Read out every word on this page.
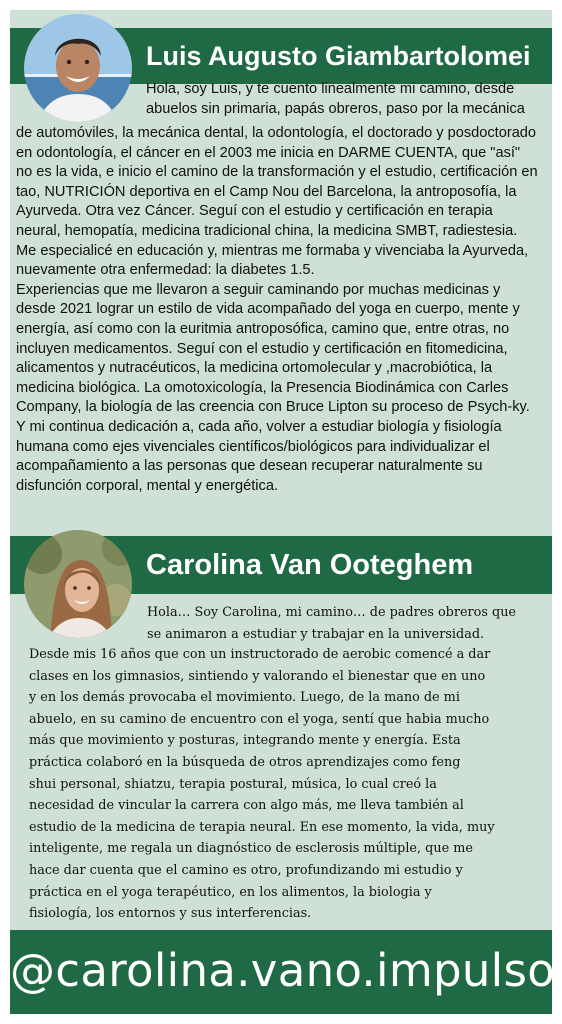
Luis Augusto Giambartolomei
Hola, soy Luis, y te cuento linealmente mi camino, desde
abuelos sin primaria, papás obreros, paso por la mecánica
de automóviles, la mecánica dental, la odontología, el doctorado y posdoctorado
en odontología, el cáncer en el 2003 me inicia en DARME CUENTA, que "así"
no es la vida, e inicio el camino de la transformación y el estudio, certificación en
tao, NUTRICIÓN deportiva en el Camp Nou del Barcelona, la antroposofía, la
Ayurveda. Otra vez Cáncer. Seguí con el estudio y certificación en terapia
neural, hemopatía, medicina tradicional china, la medicina SMBT, radiestesia.
Me especialicé en educación y, mientras me formaba y vivenciaba la Ayurveda,
nuevamente otra enfermedad: la diabetes 1.5.
Experiencias que me llevaron a seguir caminando por muchas medicinas y
desde 2021 lograr un estilo de vida acompañado del yoga en cuerpo, mente y
energía, así como con la euritmia antroposófica, camino que, entre otras, no
incluyen medicamentos. Seguí con el estudio y certificación en fitomedicina,
alicamentos y nutracéuticos, la medicina ortomolecular y ,macrobiótica, la
medicina biológica. La omotoxicología, la Presencia Biodinámica con Carles
Company, la biología de las creencia con Bruce Lipton su proceso de Psych-ky.
Y mi continua dedicación a, cada año, volver a estudiar biología y fisiología
humana como ejes vivenciales científicos/biológicos para individualizar el
acompañamiento a las personas que desean recuperar naturalmente su
disfunción corporal, mental y energética.
Carolina Van Ooteghem
Hola… Soy Carolina, mi camino… de padres obreros que
se animaron a estudiar y trabajar en la universidad.
Desde mis 16 años que con un instructorado de aerobic comencé a dar
clases en los gimnasios, sintiendo y valorando el bienestar que en uno
y en los demás provocaba el movimiento. Luego, de la mano de mi
abuelo, en su camino de encuentro con el yoga, sentí que habia mucho
más que movimiento y posturas, integrando mente y energía. Esta
práctica colaboró en la búsqueda de otros aprendizajes como feng
shui personal, shiatzu, terapia postural, música, lo cual creó la
necesidad de vincular la carrera con algo más, me lleva también al
estudio de la medicina de terapia neural. En ese momento, la vida, muy
inteligente, me regala un diagnóstico de esclerosis múltiple, que me
hace dar cuenta que el camino es otro, profundizando mi estudio y
práctica en el yoga terapéutico, en los alimentos, la biologia y
fisiología, los entornos y sus interferencias.
@carolina.vano.impulso
